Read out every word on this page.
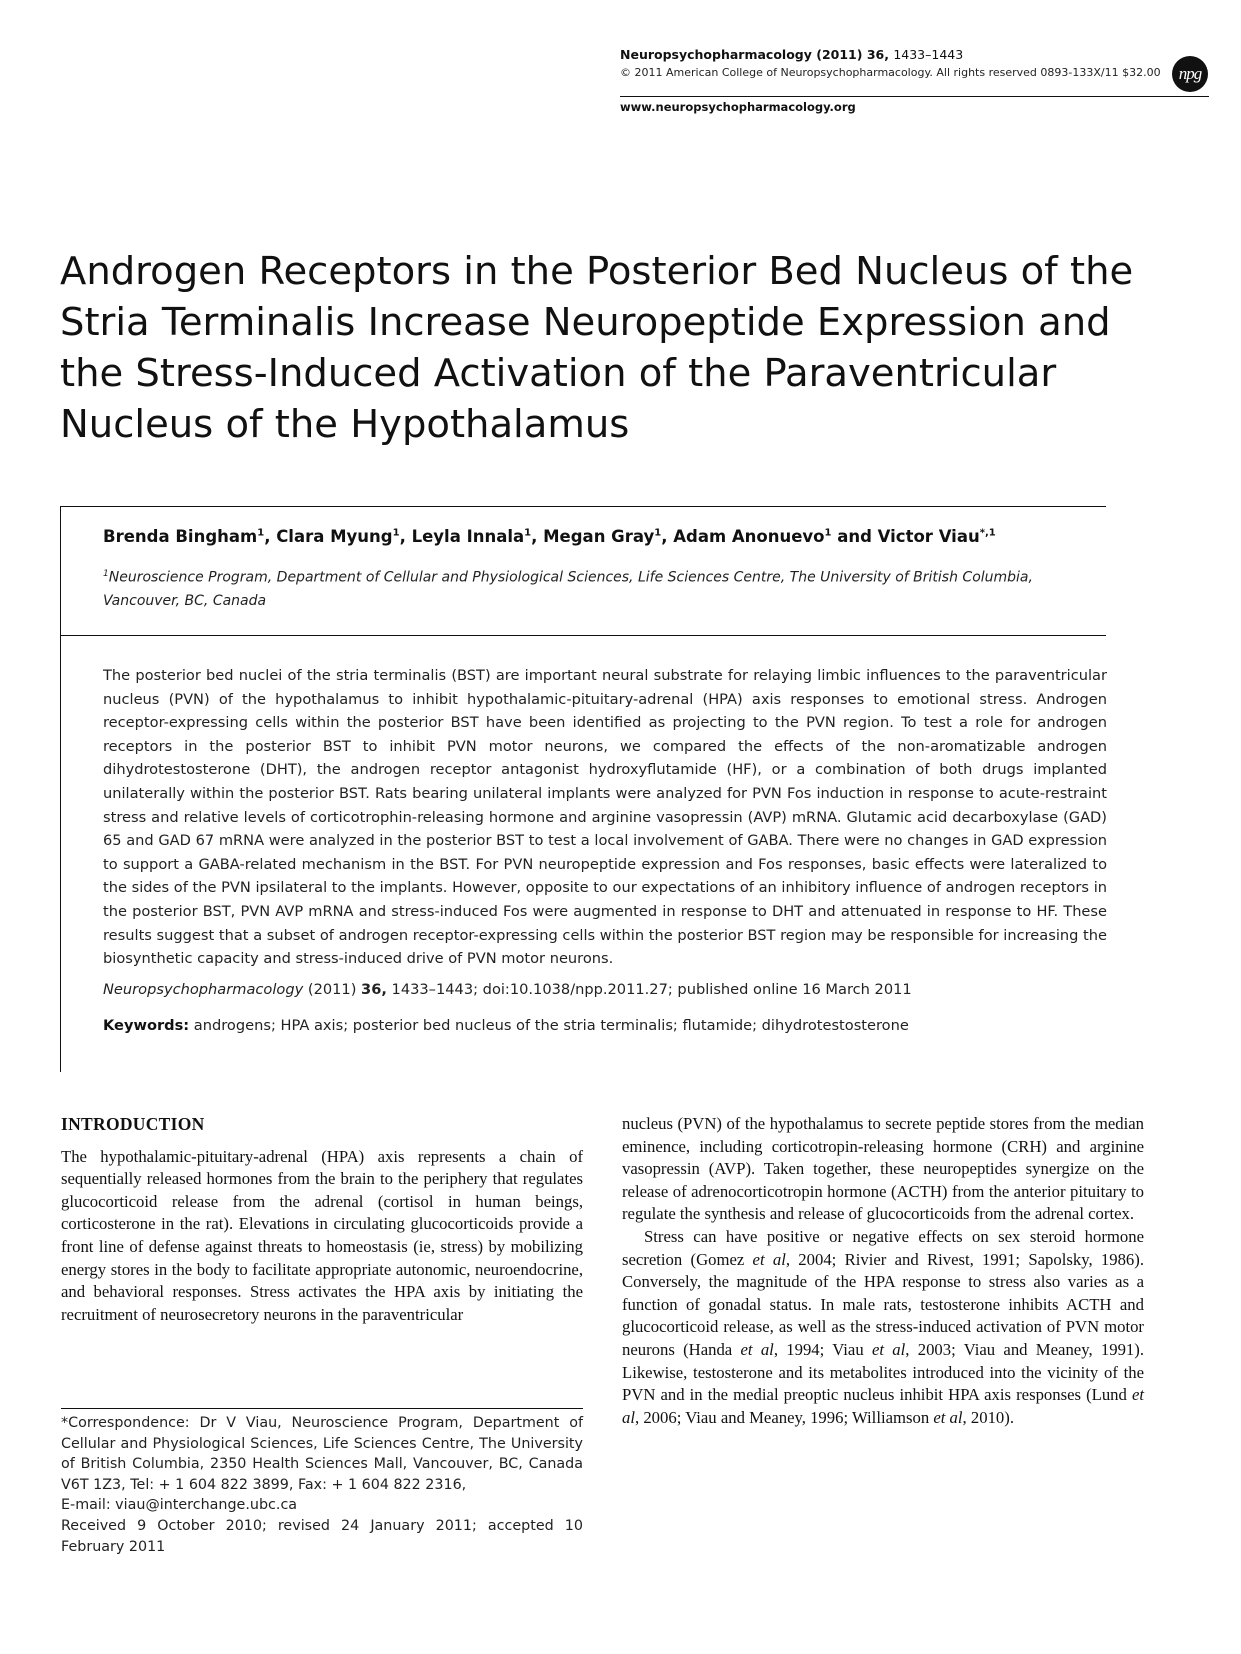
Neuropsychopharmacology (2011) 36, 1433–1443
© 2011 American College of Neuropsychopharmacology. All rights reserved 0893-133X/11 $32.00	npg
www.neuropsychopharmacology.org
Androgen Receptors in the Posterior Bed Nucleus of the Stria Terminalis Increase Neuropeptide Expression and the Stress-Induced Activation of the Paraventricular Nucleus of the Hypothalamus
Brenda Bingham$^1$, Clara Myung$^1$, Leyla Innala$^1$, Megan Gray$^1$, Adam Anonuevo$^1$ and Victor Viau$^{*,1}$
$^1$Neuroscience Program, Department of Cellular and Physiological Sciences, Life Sciences Centre, The University of British Columbia, Vancouver, BC, Canada

The posterior bed nuclei of the stria terminalis (BST) are important neural substrate for relaying limbic influences to the paraventricular nucleus (PVN) of the hypothalamus to inhibit hypothalamic-pituitary-adrenal (HPA) axis responses to emotional stress. Androgen receptor-expressing cells within the posterior BST have been identified as projecting to the PVN region. To test a role for androgen receptors in the posterior BST to inhibit PVN motor neurons, we compared the effects of the non-aromatizable androgen dihydrotestosterone (DHT), the androgen receptor antagonist hydroxyflutamide (HF), or a combination of both drugs implanted unilaterally within the posterior BST. Rats bearing unilateral implants were analyzed for PVN Fos induction in response to acute-restraint stress and relative levels of corticotrophin-releasing hormone and arginine vasopressin (AVP) mRNA. Glutamic acid decarboxylase (GAD) 65 and GAD 67 mRNA were analyzed in the posterior BST to test a local involvement of GABA. There were no changes in GAD expression to support a GABA-related mechanism in the BST. For PVN neuropeptide expression and Fos responses, basic effects were lateralized to the sides of the PVN ipsilateral to the implants. However, opposite to our expectations of an inhibitory influence of androgen receptors in the posterior BST, PVN AVP mRNA and stress-induced Fos were augmented in response to DHT and attenuated in response to HF. These results suggest that a subset of androgen receptor-expressing cells within the posterior BST region may be responsible for increasing the biosynthetic capacity and stress-induced drive of PVN motor neurons.

Neuropsychopharmacology (2011) 36, 1433–1443; doi:10.1038/npp.2011.27; published online 16 March 2011
Keywords: androgens; HPA axis; posterior bed nucleus of the stria terminalis; flutamide; dihydrotestosterone
INTRODUCTION

The hypothalamic-pituitary-adrenal (HPA) axis represents a chain of sequentially released hormones from the brain to the periphery that regulates glucocorticoid release from the adrenal (cortisol in human beings, corticosterone in the rat). Elevations in circulating glucocorticoids provide a front line of defense against threats to homeostasis (ie, stress) by mobilizing energy stores in the body to facilitate appropriate autonomic, neuroendocrine, and behavioral responses. Stress activates the HPA axis by initiating the recruitment of neurosecretory neurons in the paraventricular

nucleus (PVN) of the hypothalamus to secrete peptide stores from the median eminence, including corticotropin-releasing hormone (CRH) and arginine vasopressin (AVP). Taken together, these neuropeptides synergize on the release of adrenocorticotropin hormone (ACTH) from the anterior pituitary to regulate the synthesis and release of glucocorticoids from the adrenal cortex.

Stress can have positive or negative effects on sex steroid hormone secretion (Gomez et al, 2004; Rivier and Rivest, 1991; Sapolsky, 1986). Conversely, the magnitude of the HPA response to stress also varies as a function of gonadal status. In male rats, testosterone inhibits ACTH and glucocorticoid release, as well as the stress-induced activation of PVN motor neurons (Handa et al, 1994; Viau et al, 2003; Viau and Meaney, 1991). Likewise, testosterone and its metabolites introduced into the vicinity of the PVN and in the medial preoptic nucleus inhibit HPA axis responses (Lund et al, 2006; Viau and Meaney, 1996; Williamson et al, 2010).

*Correspondence: Dr V Viau, Neuroscience Program, Department of Cellular and Physiological Sciences, Life Sciences Centre, The University of British Columbia, 2350 Health Sciences Mall, Vancouver, BC, Canada V6T 1Z3, Tel: + 1 604 822 3899, Fax: + 1 604 822 2316,

E-mail: viau@interchange.ubc.ca

Received 9 October 2010; revised 24 January 2011; accepted 10 February 2011
